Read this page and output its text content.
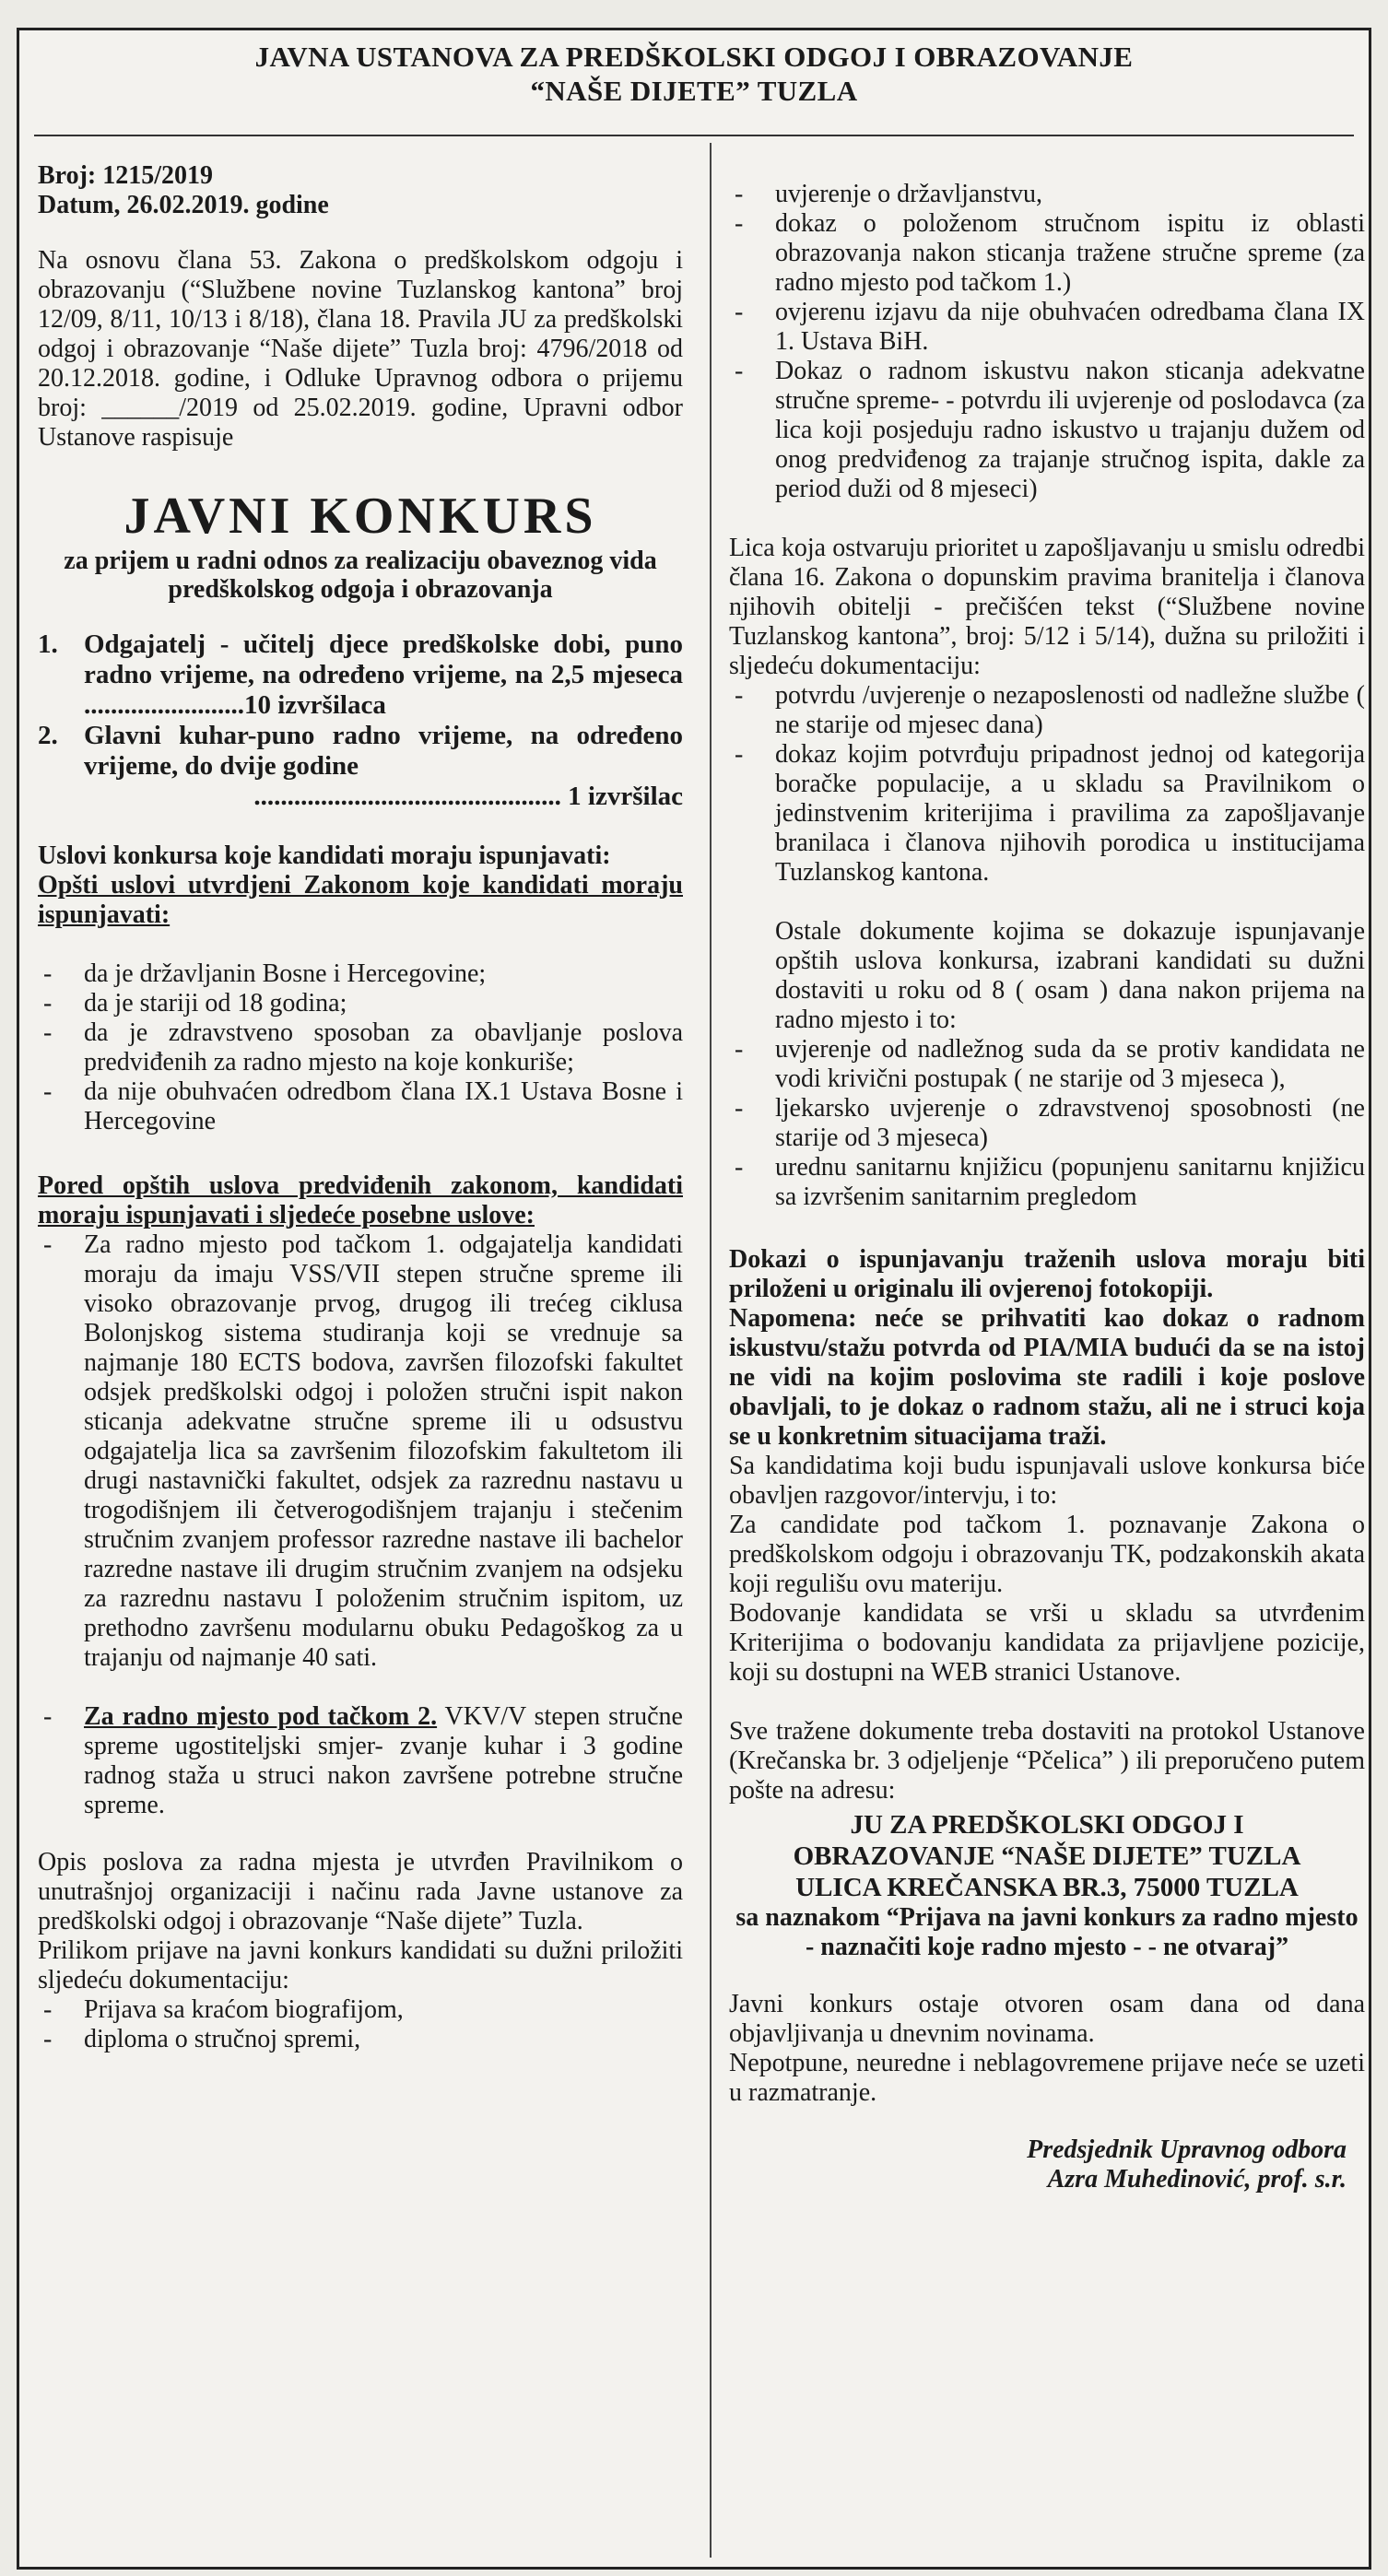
JAVNA USTANOVA ZA PREDŠKOLSKI ODGOJ I OBRAZOVANJE
“NAŠE DIJETE” TUZLA

Broj: 1215/2019

Datum, 26.02.2019. godine

Na osnovu člana 53. Zakona o predškolskom odgoju i obrazovanju (“Službene novine Tuzlanskog kantona” broj 12/09, 8/11, 10/13 i 8/18), člana 18. Pravila JU za predškolski odgoj i obrazovanje “Naše dijete” Tuzla broj: 4796/2018 od 20.12.2018. godine, i Odluke Upravnog odbora o prijemu broj: ______/2019 od 25.02.2019. godine, Upravni odbor Ustanove raspisuje

JAVNI KONKURS

za prijem u radni odnos za realizaciju obaveznog vida predškolskog odgoja i obrazovanja

1. Odgajatelj - učitelj djece predškolske dobi, puno radno vrijeme, na određeno vrijeme, na 2,5 mjeseca ........................10 izvršilaca
2. Glavni kuhar-puno radno vrijeme, na određeno vrijeme, do dvije godine
.............................................. 1 izvršilac

Uslovi konkursa koje kandidati moraju ispunjavati:

Opšti uslovi utvrdjeni Zakonom koje kandidati moraju ispunjavati:

- da je državljanin Bosne i Hercegovine;
- da je stariji od 18 godina;
- da je zdravstveno sposoban za obavljanje poslova predviđenih za radno mjesto na koje konkuriše;
- da nije obuhvaćen odredbom člana IX.1 Ustava Bosne i Hercegovine

Pored opštih uslova predviđenih zakonom, kandidati moraju ispunjavati i sljedeće posebne uslove:

- Za radno mjesto pod tačkom 1. odgajatelja kandidati moraju da imaju VSS/VII stepen stručne spreme ili visoko obrazovanje prvog, drugog ili trećeg ciklusa Bolonjskog sistema studiranja koji se vrednuje sa najmanje 180 ECTS bodova, završen filozofski fakultet odsjek predškolski odgoj i položen stručni ispit nakon sticanja adekvatne stručne spreme ili u odsustvu odgajatelja lica sa završenim filozofskim fakultetom ili drugi nastavnički fakultet, odsjek za razrednu nastavu u trogodišnjem ili četverogodišnjem trajanju i stečenim stručnim zvanjem professor razredne nastave ili bachelor razredne nastave ili drugim stručnim zvanjem na odsjeku za razrednu nastavu I položenim stručnim ispitom, uz prethodno završenu modularnu obuku Pedagoškog za u trajanju od najmanje 40 sati.
- Za radno mjesto pod tačkom 2. VKV/V stepen stručne spreme ugostiteljski smjer- zvanje kuhar i 3 godine radnog staža u struci nakon završene potrebne stručne spreme.

Opis poslova za radna mjesta je utvrđen Pravilnikom o unutrašnjoj organizaciji i načinu rada Javne ustanove za predškolski odgoj i obrazovanje “Naše dijete” Tuzla.

Prilikom prijave na javni konkurs kandidati su dužni priložiti sljedeću dokumentaciju:

- Prijava sa kraćom biografijom,
- diploma o stručnoj spremi,
- uvjerenje o državljanstvu,
- dokaz o položenom stručnom ispitu iz oblasti obrazovanja nakon sticanja tražene stručne spreme (za radno mjesto pod tačkom 1.)
- ovjerenu izjavu da nije obuhvaćen odredbama člana IX 1. Ustava BiH.
- Dokaz o radnom iskustvu nakon sticanja adekvatne stručne spreme- - potvrdu ili uvjerenje od poslodavca (za lica koji posjeduju radno iskustvo u trajanju dužem od onog predviđenog za trajanje stručnog ispita, dakle za period duži od 8 mjeseci)

Lica koja ostvaruju prioritet u zapošljavanju u smislu odredbi člana 16. Zakona o dopunskim pravima branitelja i članova njihovih obitelji - prečišćen tekst (“Službene novine Tuzlanskog kantona”, broj: 5/12 i 5/14), dužna su priložiti i sljedeću dokumentaciju:

- potvrdu /uvjerenje o nezaposlenosti od nadležne službe ( ne starije od mjesec dana)
- dokaz kojim potvrđuju pripadnost jednoj od kategorija boračke populacije, a u skladu sa Pravilnikom o jedinstvenim kriterijima i pravilima za zapošljavanje branilaca i članova njihovih porodica u institucijama Tuzlanskog kantona.

Ostale dokumente kojima se dokazuje ispunjavanje opštih uslova konkursa, izabrani kandidati su dužni dostaviti u roku od 8 ( osam ) dana nakon prijema na radno mjesto i to:

- uvjerenje od nadležnog suda da se protiv kandidata ne vodi krivični postupak ( ne starije od 3 mjeseca ),
- ljekarsko uvjerenje o zdravstvenoj sposobnosti (ne starije od 3 mjeseca)
- urednu sanitarnu knjižicu (popunjenu sanitarnu knjižicu sa izvršenim sanitarnim pregledom

Dokazi o ispunjavanju traženih uslova moraju biti priloženi u originalu ili ovjerenoj fotokopiji.

Napomena: neće se prihvatiti kao dokaz o radnom iskustvu/stažu potvrda od PIA/MIA budući da se na istoj ne vidi na kojim poslovima ste radili i koje poslove obavljali, to je dokaz o radnom stažu, ali ne i struci koja se u konkretnim situacijama traži.

Sa kandidatima koji budu ispunjavali uslove konkursa biće obavljen razgovor/intervju, i to:

Za candidate pod tačkom 1. poznavanje Zakona o predškolskom odgoju i obrazovanju TK, podzakonskih akata koji regulišu ovu materiju.

Bodovanje kandidata se vrši u skladu sa utvrđenim Kriterijima o bodovanju kandidata za prijavljene pozicije, koji su dostupni na WEB stranici Ustanove.

Sve tražene dokumente treba dostaviti na protokol Ustanove (Krečanska br. 3 odjeljenje “Pčelica” ) ili preporučeno putem pošte na adresu:

JU ZA PREDŠKOLSKI ODGOJ I
OBRAZOVANJE “NAŠE DIJETE” TUZLA
ULICA KREČANSKA BR.3, 75000 TUZLA

sa naznakom “Prijava na javni konkurs za radno mjesto - naznačiti koje radno mjesto - - ne otvaraj”

Javni konkurs ostaje otvoren osam dana od dana objavljivanja u dnevnim novinama.

Nepotpune, neuredne i neblagovremene prijave neće se uzeti u razmatranje.

Predsjednik Upravnog odbora

Azra Muhedinović, prof. s.r.
